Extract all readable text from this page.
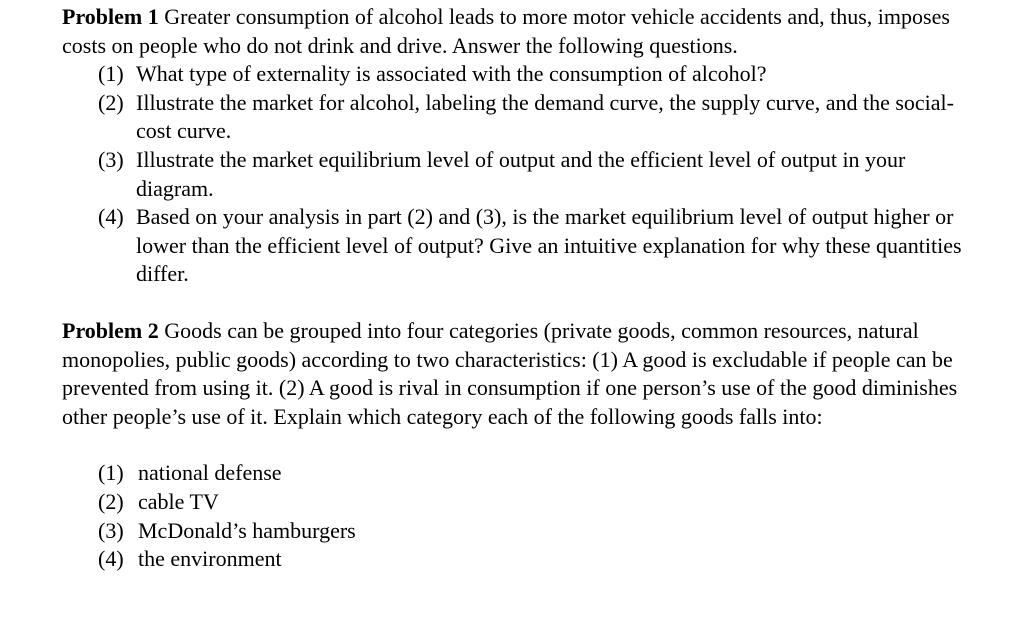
Problem 1 Greater consumption of alcohol leads to more motor vehicle accidents and, thus, imposes costs on people who do not drink and drive. Answer the following questions.

(1) What type of externality is associated with the consumption of alcohol?
(2) Illustrate the market for alcohol, labeling the demand curve, the supply curve, and the social-cost curve.
(3) Illustrate the market equilibrium level of output and the efficient level of output in your diagram.
(4) Based on your analysis in part (2) and (3), is the market equilibrium level of output higher or lower than the efficient level of output? Give an intuitive explanation for why these quantities differ.

Problem 2 Goods can be grouped into four categories (private goods, common resources, natural monopolies, public goods) according to two characteristics: (1) A good is excludable if people can be prevented from using it. (2) A good is rival in consumption if one person’s use of the good diminishes other people’s use of it. Explain which category each of the following goods falls into:

(1) national defense
(2) cable TV
(3) McDonald’s hamburgers
(4) the environment
